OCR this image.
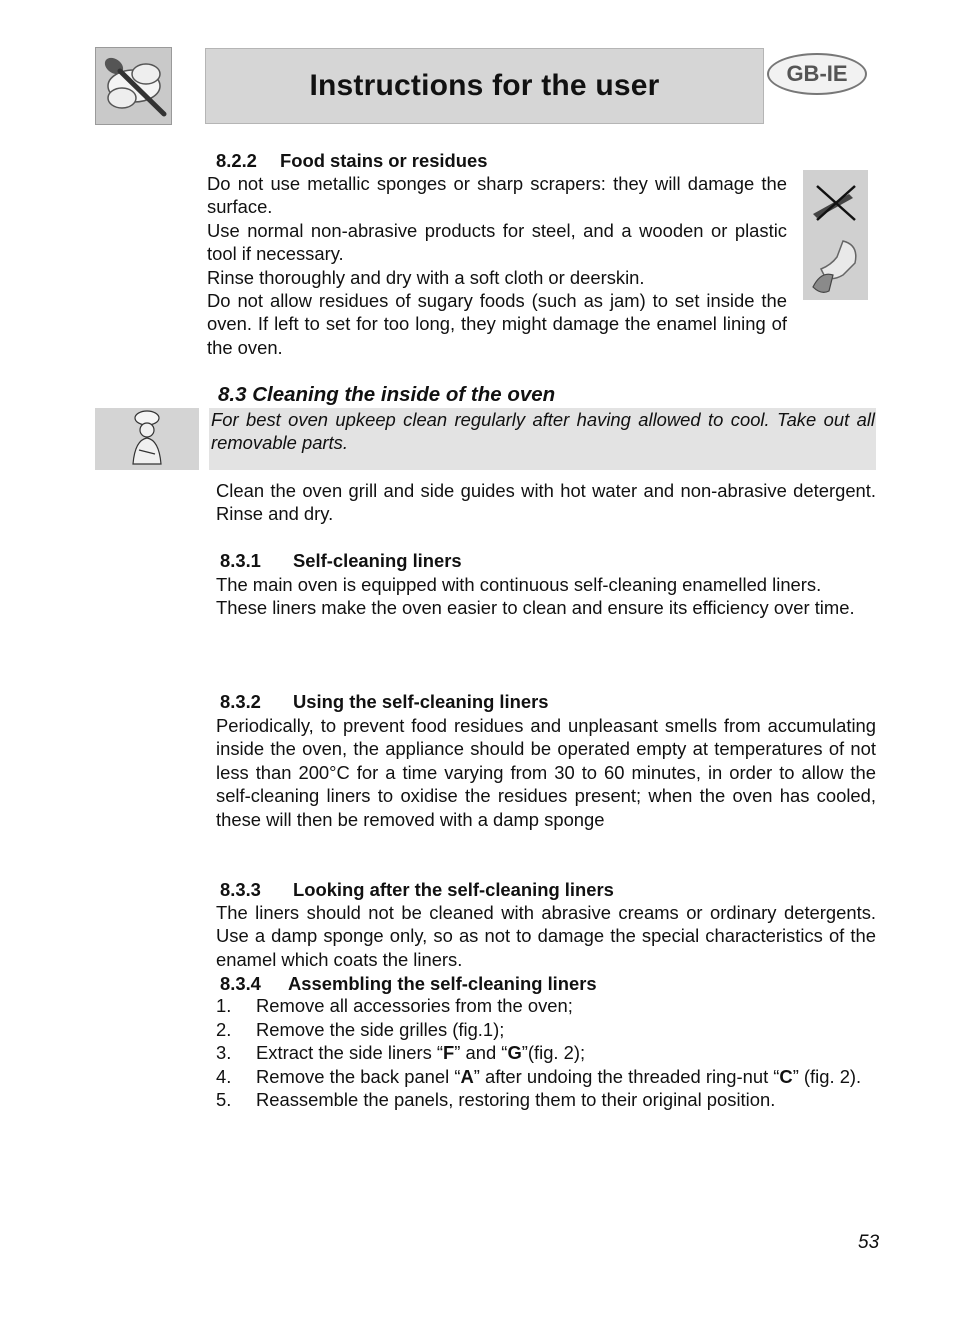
Instructions for the user	GB-IE
8.2.2 Food stains or residues

Do not use metallic sponges or sharp scrapers: they will damage the surface.

Use normal non-abrasive products for steel, and a wooden or plastic tool if necessary.

Rinse thoroughly and dry with a soft cloth or deerskin.

Do not allow residues of sugary foods (such as jam) to set inside the oven. If left to set for too long, they might damage the enamel lining of the oven.

8.3 Cleaning the inside of the oven
For best oven upkeep clean regularly after having allowed to cool. Take out all removable parts.
Clean the oven grill and side guides with hot water and non-abrasive detergent. Rinse and dry.
8.3.1 Self-cleaning liners

The main oven is equipped with continuous self-cleaning enamelled liners.

These liners make the oven easier to clean and ensure its efficiency over time.

8.3.2 Using the self-cleaning liners
Periodically, to prevent food residues and unpleasant smells from accumulating inside the oven, the appliance should be operated empty at temperatures of not less than 200°C for a time varying from 30 to 60 minutes, in order to allow the self-cleaning liners to oxidise the residues present; when the oven has cooled, these will then be removed with a damp sponge
8.3.3 Looking after the self-cleaning liners
The liners should not be cleaned with abrasive creams or ordinary detergents. Use a damp sponge only, so as not to damage the special characteristics of the enamel which coats the liners.
8.3.4 Assembling the self-cleaning liners
1.	Remove all accessories from the oven;
2.	Remove the side grilles (fig.1);
3.	Extract the side liners “F” and “G”(fig. 2);
4.	Remove the back panel “A” after undoing the threaded ring-nut “C” (fig. 2).
5.	Reassemble the panels, restoring them to their original position.
53
